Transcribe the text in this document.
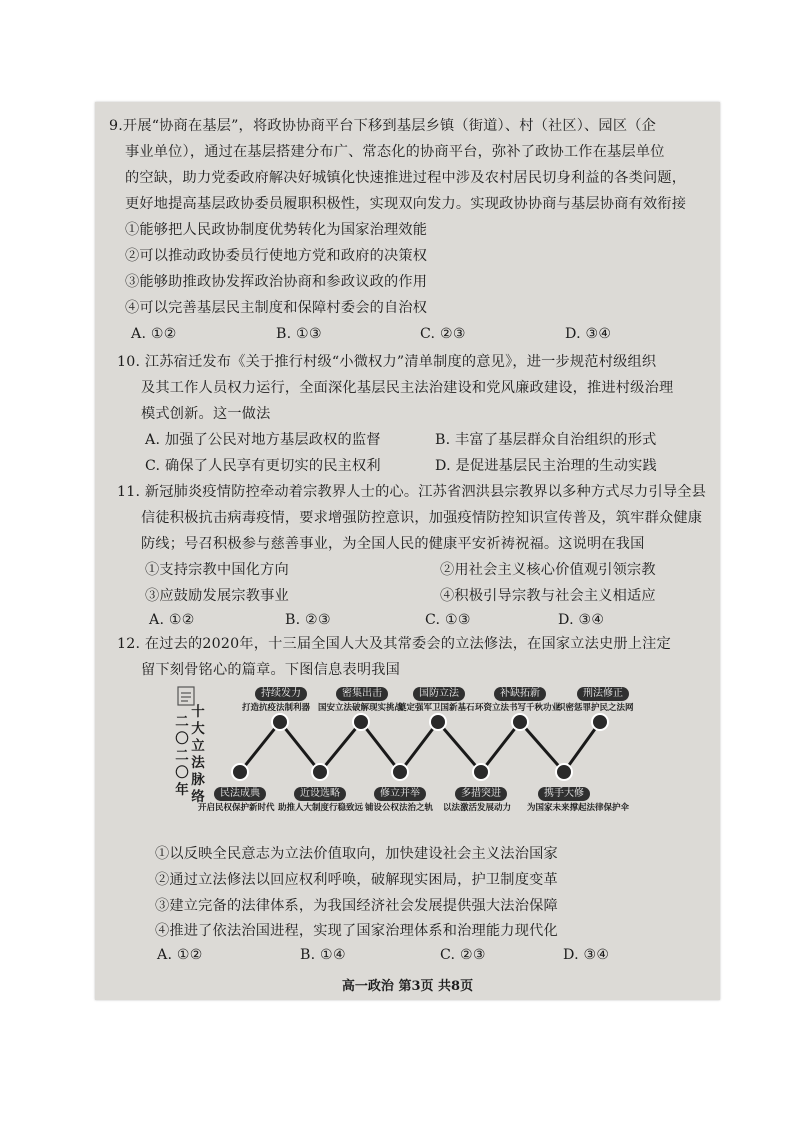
9.开展“协商在基层”，将政协协商平台下移到基层乡镇（街道）、村（社区）、园区（企
事业单位），通过在基层搭建分布广、常态化的协商平台，弥补了政协工作在基层单位
的空缺，助力党委政府解决好城镇化快速推进过程中涉及农村居民切身利益的各类问题，
更好地提高基层政协委员履职积极性，实现双向发力。实现政协协商与基层协商有效衔接
①能够把人民政协制度优势转化为国家治理效能
②可以推动政协委员行使地方党和政府的决策权
③能够助推政协发挥政治协商和参政议政的作用
④可以完善基层民主制度和保障村委会的自治权
A. ①②	B. ①③	C. ②③	D. ③④
10. 江苏宿迁发布《关于推行村级“小微权力”清单制度的意见》，进一步规范村级组织
及其工作人员权力运行，全面深化基层民主法治建设和党风廉政建设，推进村级治理
模式创新。这一做法
A. 加强了公民对地方基层政权的监督	B. 丰富了基层群众自治组织的形式
C. 确保了人民享有更切实的民主权利	D. 是促进基层民主治理的生动实践
11. 新冠肺炎疫情防控牵动着宗教界人士的心。江苏省泗洪县宗教界以多种方式尽力引导全县
信徒积极抗击病毒疫情，要求增强防控意识，加强疫情防控知识宣传普及，筑牢群众健康
防线；号召积极参与慈善事业，为全国人民的健康平安祈祷祝福。这说明在我国
①支持宗教中国化方向	②用社会主义核心价值观引领宗教
③应鼓励发展宗教事业	④积极引导宗教与社会主义相适应
A. ①②	B. ②③	C. ①③	D. ③④
12. 在过去的2020年，十三届全国人大及其常委会的立法修法，在国家立法史册上注定
留下刻骨铭心的篇章。下图信息表明我国
二
〇
二
〇
年
十
大
立
法
脉
络
持续发力
打造抗疫法制利器
密集出击
国安立法破解现实挑战
国防立法
奠定强军卫国新基石
补缺拓新
环资立法书写千秋功业
刑法修正
织密惩罪护民之法网
民法成典
开启民权保护新时代
近设选略
助推人大制度行稳致远
修立并举
铺设公权法治之轨
多措突进
以法激活发展动力
携手大修
为国家未来撑起法律保护伞
①以反映全民意志为立法价值取向，加快建设社会主义法治国家
②通过立法修法以回应权利呼唤，破解现实困局，护卫制度变革
③建立完备的法律体系，为我国经济社会发展提供强大法治保障
④推进了依法治国进程，实现了国家治理体系和治理能力现代化
A. ①②	B. ①④	C. ②③	D. ③④
高一政治 第3页 共8页
